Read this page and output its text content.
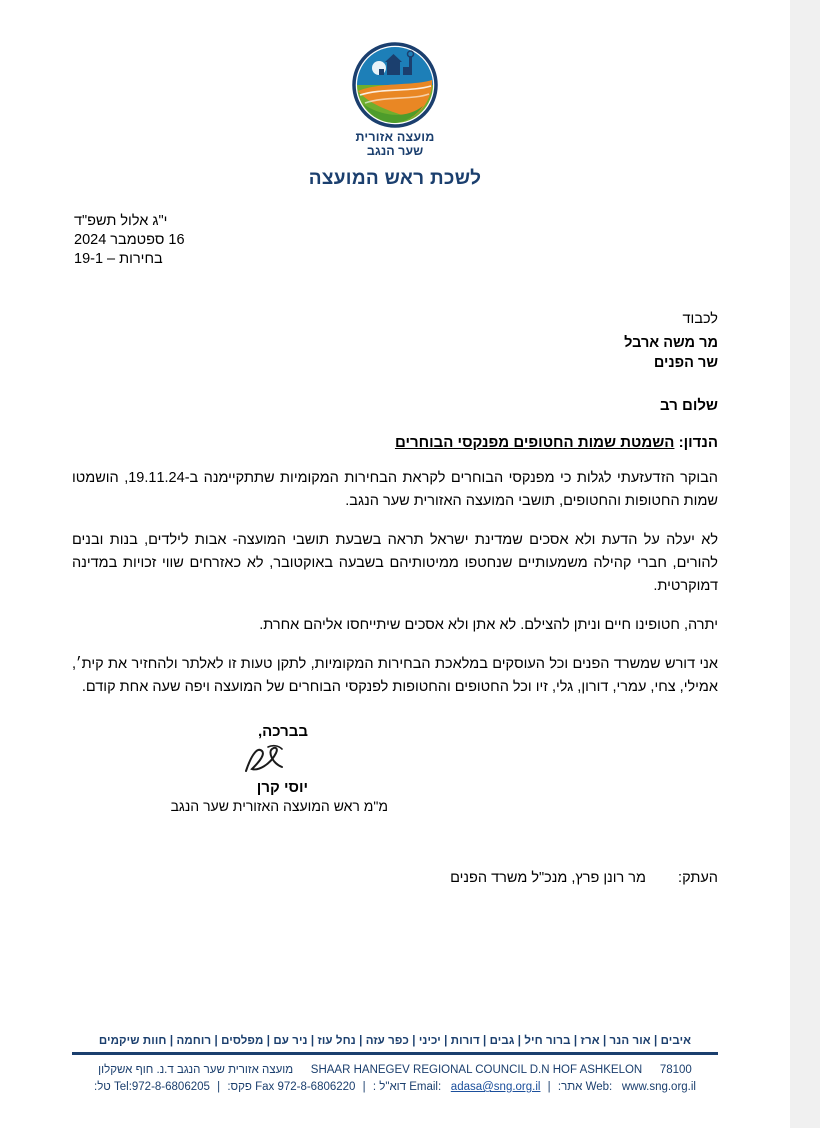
מועצה אזורית
שער הנגב
לשכת ראש המועצה
י"ג אלול תשפ"ד
16 ספטמבר 2024
בחירות – 19-1
לכבוד
מר משה ארבל
שר הפנים
שלום רב
הנדון: השמטת שמות החטופים מפנקסי הבוחרים

הבוקר הזדעזעתי לגלות כי מפנקסי הבוחרים לקראת הבחירות המקומיות שתתקיימנה ב-19.11.24, הושמטו שמות החטופות והחטופים, תושבי המועצה האזורית שער הנגב.

לא יעלה על הדעת ולא אסכים שמדינת ישראל תראה בשבעת תושבי המועצה- אבות לילדים, בנות ובנים להורים, חברי קהילה משמעותיים שנחטפו ממיטותיהם בשבעה באוקטובר, לא כאזרחים שווי זכויות במדינה דמוקרטית.

יתרה, חטופינו חיים וניתן להצילם. לא אתן ולא אסכים שיתייחסו אליהם אחרת.

אני דורש שמשרד הפנים וכל העוסקים במלאכת הבחירות המקומיות, לתקן טעות זו לאלתר ולהחזיר את קית׳, אמילי, צחי, עמרי, דורון, גלי, זיו וכל החטופים והחטופות לפנקסי הבוחרים של המועצה ויפה שעה אחת קודם.

בברכה,
יוסי קרן
מ"מ ראש המועצה האזורית שער הנגב
העתק: מר רונן פרץ, מנכ"ל משרד הפנים
איבים | אור הנר | ארז | ברור חיל | גבים | דורות | יכיני | כפר עזה | נחל עוז | ניר עם | מפלסים | רוחמה | חוות שיקמים
SHAAR HANEGEV REGIONAL COUNCIL D.N HOF ASHKELON 78100   מועצה אזורית שער הנגב ד.נ. חוף אשקלון
Web: www.sng.org.il אתר: | Email: adasa@sng.org.il דוא"ל : | Fax 972-8-6806220 פקס: | Tel:972-8-6806205 טל:
